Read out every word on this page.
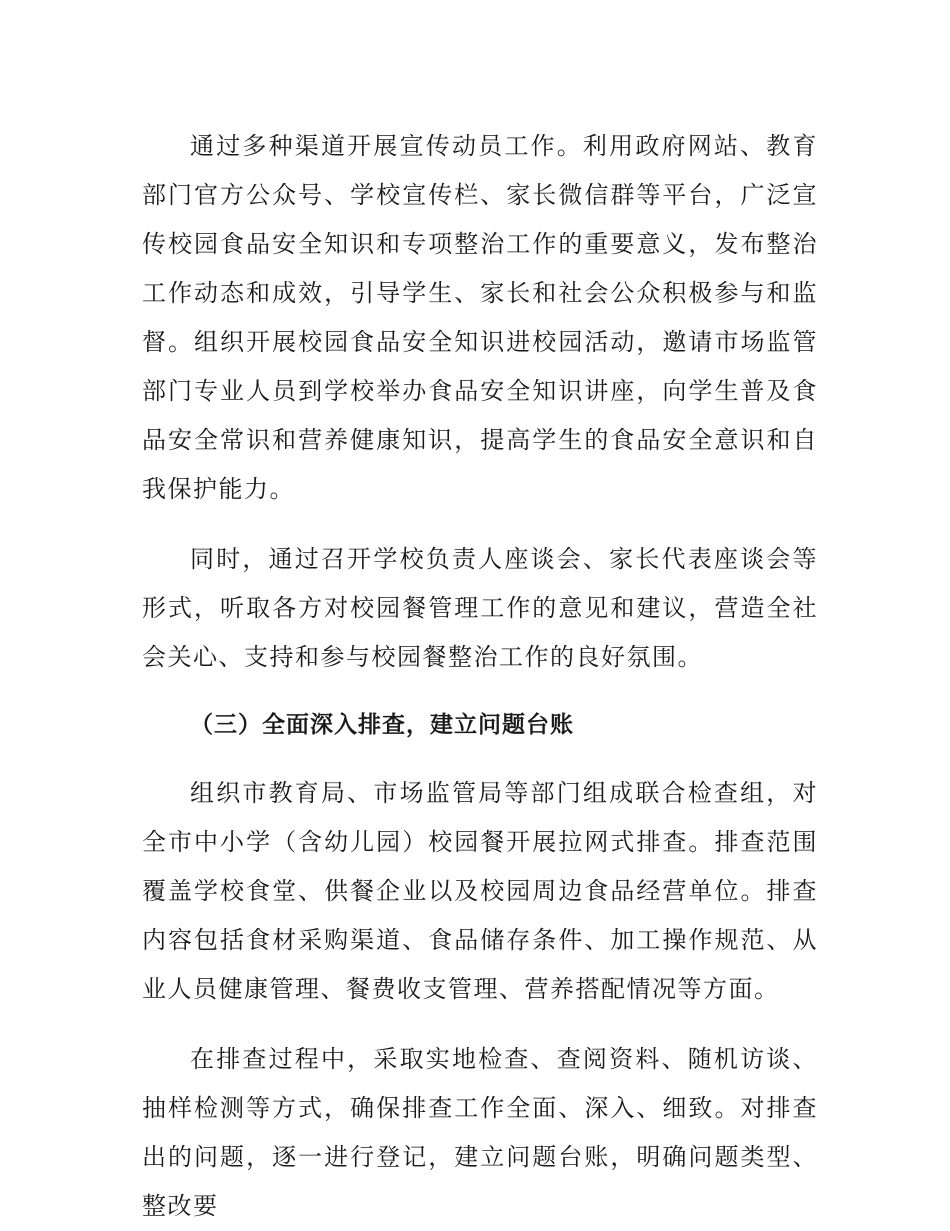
通过多种渠道开展宣传动员工作。利用政府网站、教育部门官方公众号、学校宣传栏、家长微信群等平台，广泛宣传校园食品安全知识和专项整治工作的重要意义，发布整治工作动态和成效，引导学生、家长和社会公众积极参与和监督。组织开展校园食品安全知识进校园活动，邀请市场监管部门专业人员到学校举办食品安全知识讲座，向学生普及食品安全常识和营养健康知识，提高学生的食品安全意识和自我保护能力。

同时，通过召开学校负责人座谈会、家长代表座谈会等形式，听取各方对校园餐管理工作的意见和建议，营造全社会关心、支持和参与校园餐整治工作的良好氛围。

（三）全面深入排查，建立问题台账

组织市教育局、市场监管局等部门组成联合检查组，对全市中小学（含幼儿园）校园餐开展拉网式排查。排查范围覆盖学校食堂、供餐企业以及校园周边食品经营单位。排查内容包括食材采购渠道、食品储存条件、加工操作规范、从业人员健康管理、餐费收支管理、营养搭配情况等方面。

在排查过程中，采取实地检查、查阅资料、随机访谈、抽样检测等方式，确保排查工作全面、深入、细致。对排查出的问题，逐一进行登记，建立问题台账，明确问题类型、整改要
